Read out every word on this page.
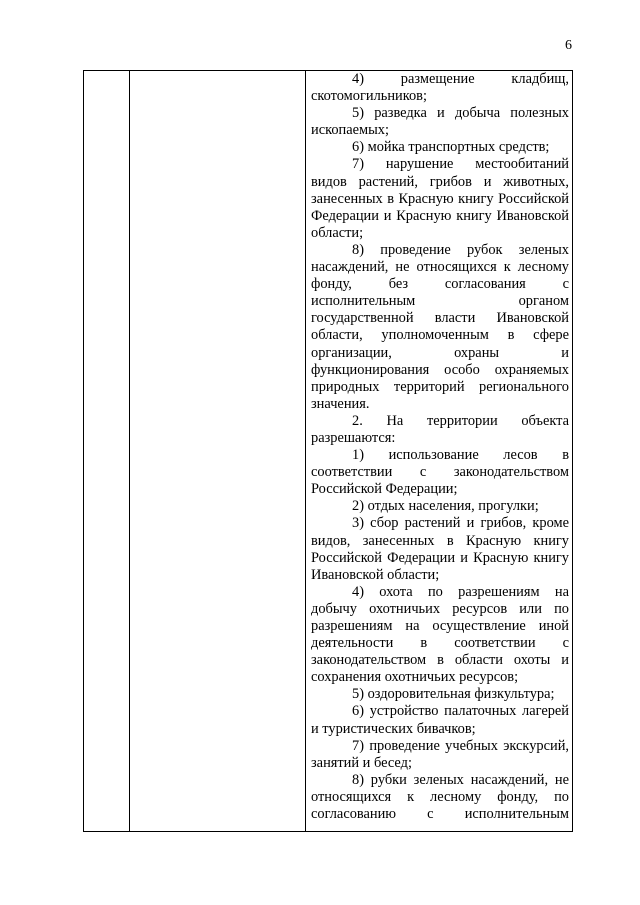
6

4) размещение кладбищ, скотомогильников;

5) разведка и добыча полезных ископаемых;

6) мойка транспортных средств;

7) нарушение местообитаний видов растений, грибов и животных, занесенных в Красную книгу Российской Федерации и Красную книгу Ивановской области;

8) проведение рубок зеленых насаждений, не относящихся к лесному фонду, без согласования с исполнительным органом государственной власти Ивановской области, уполномоченным в сфере организации, охраны и функционирования особо охраняемых природных территорий регионального значения.

2. На территории объекта разрешаются:

1) использование лесов в соответствии с законодательством Российской Федерации;

2) отдых населения, прогулки;

3) сбор растений и грибов, кроме видов, занесенных в Красную книгу Российской Федерации и Красную книгу Ивановской области;

4) охота по разрешениям на добычу охотничьих ресурсов или по разрешениям на осуществление иной деятельности в соответствии с законодательством в области охоты и сохранения охотничьих ресурсов;

5) оздоровительная физкультура;

6) устройство палаточных лагерей и туристических бивачков;

7) проведение учебных экскурсий, занятий и бесед;

8) рубки зеленых насаждений, не относящихся к лесному фонду, по согласованию с исполнительным
